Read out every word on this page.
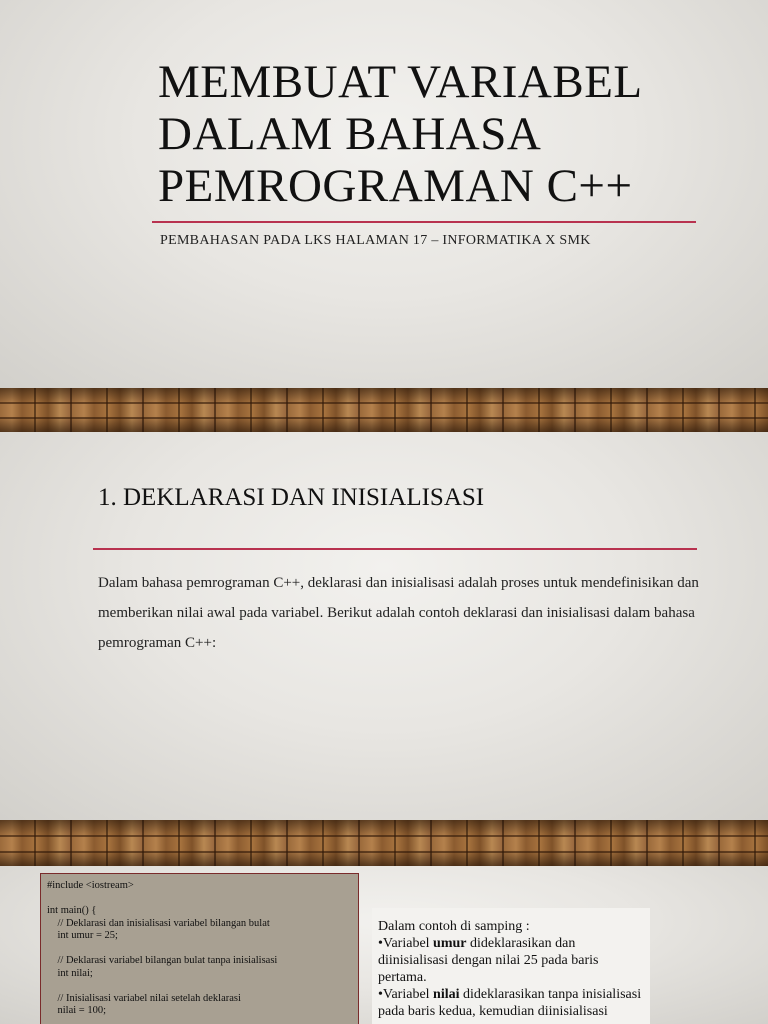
MEMBUAT VARIABEL
DALAM BAHASA
PEMROGRAMAN C++
PEMBAHASAN PADA LKS HALAMAN 17 – INFORMATIKA X SMK
1. DEKLARASI DAN INISIALISASI

Dalam bahasa pemrograman C++, deklarasi dan inisialisasi adalah proses untuk mendefinisikan dan memberikan nilai awal pada variabel. Berikut adalah contoh deklarasi dan inisialisasi dalam bahasa pemrograman C++:

#include <iostream>
int main() {
// Deklarasi dan inisialisasi variabel bilangan bulat
int umur = 25;
// Deklarasi variabel bilangan bulat tanpa inisialisasi
int nilai;
// Inisialisasi variabel nilai setelah deklarasi
nilai = 100;

Dalam contoh di samping :

•Variabel umur dideklarasikan dan diinisialisasi dengan nilai 25 pada baris pertama.

•Variabel nilai dideklarasikan tanpa inisialisasi pada baris kedua, kemudian diinisialisasi
